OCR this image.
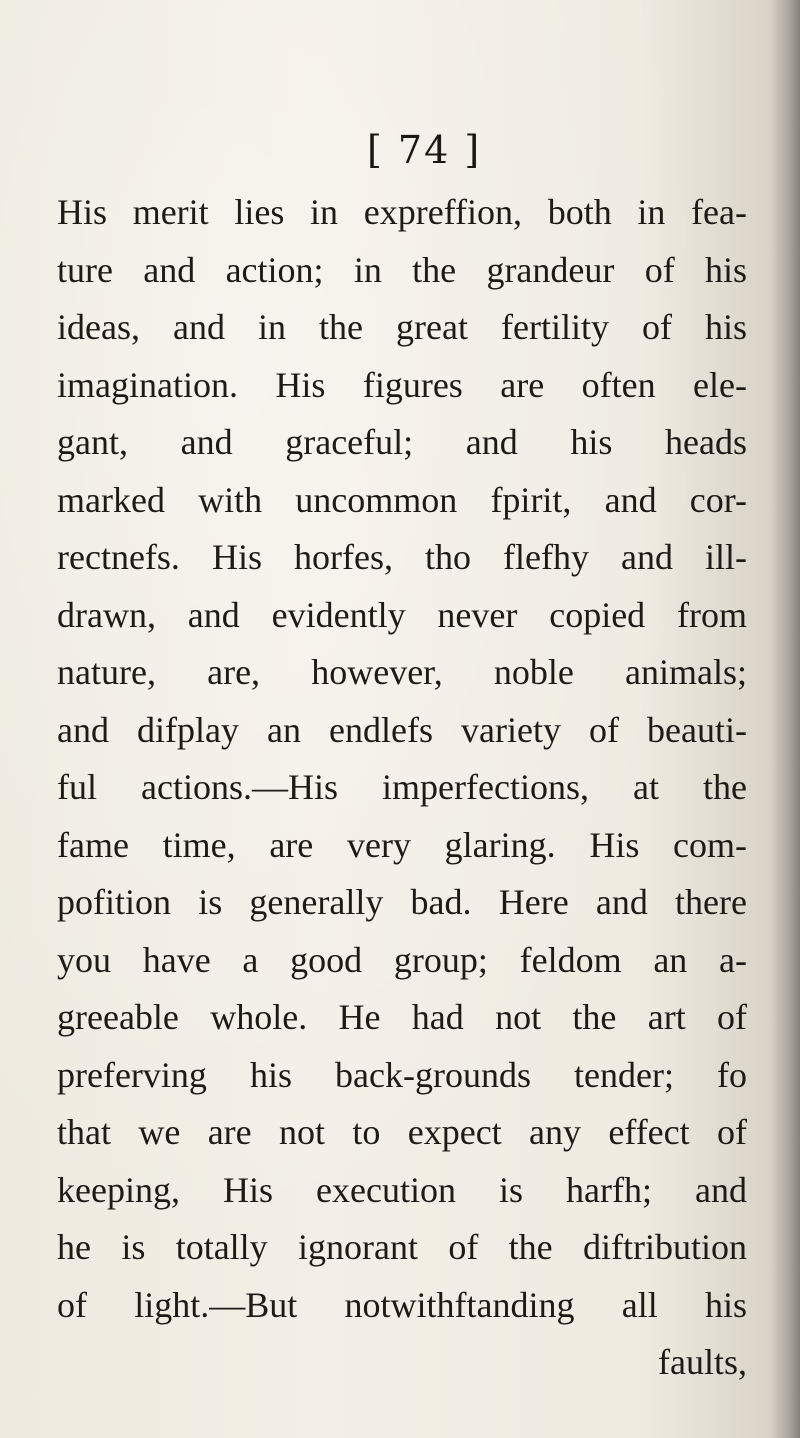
[ 74 ]
His merit lies in expreffion, both in fea-
ture and action; in the grandeur of his
ideas, and in the great fertility of his
imagination. His figures are often ele-
gant, and graceful; and his heads
marked with uncommon fpirit, and cor-
rectnefs. His horfes, tho flefhy and ill-
drawn, and evidently never copied from
nature, are, however, noble animals;
and difplay an endlefs variety of beauti-
ful actions.—His imperfections, at the
fame time, are very glaring. His com-
pofition is generally bad. Here and there
you have a good group; feldom an a-
greeable whole. He had not the art of
preferving his back-grounds tender; fo
that we are not to expect any effect of
keeping, His execution is harfh; and
he is totally ignorant of the diftribution
of light.—But notwithftanding all his
faults,
